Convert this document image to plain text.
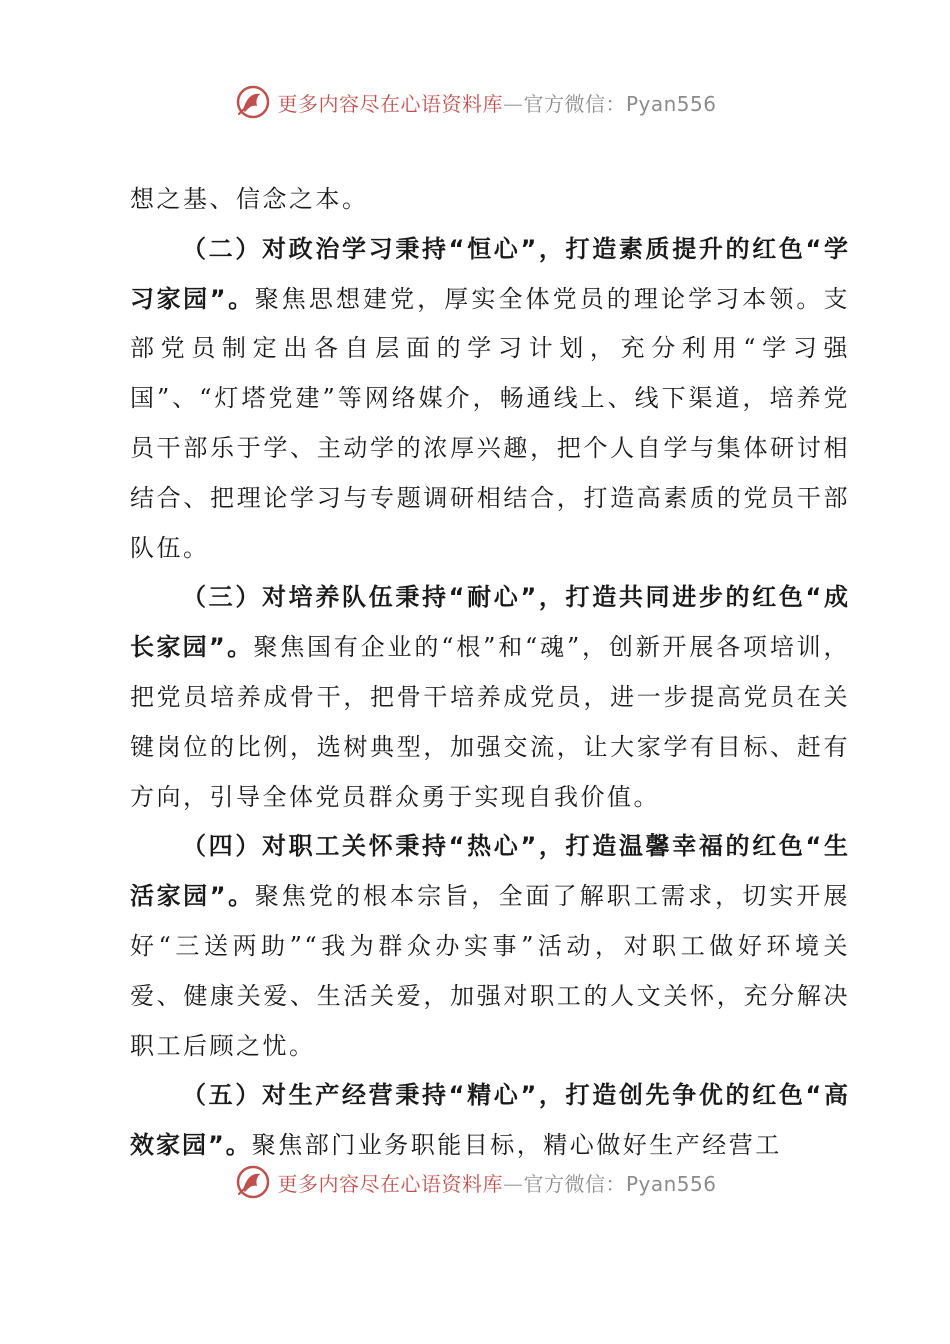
更多内容尽在心语资料库—官方微信：Pyan556

想之基、信念之本。

（二）对政治学习秉持“恒心”，打造素质提升的红色“学习家园”。聚焦思想建党，厚实全体党员的理论学习本领。支部党员制定出各自层面的学习计划，充分利用“学习强国”、“灯塔党建”等网络媒介，畅通线上、线下渠道，培养党员干部乐于学、主动学的浓厚兴趣，把个人自学与集体研讨相结合、把理论学习与专题调研相结合，打造高素质的党员干部队伍。

（三）对培养队伍秉持“耐心”，打造共同进步的红色“成长家园”。聚焦国有企业的“根”和“魂”，创新开展各项培训，把党员培养成骨干，把骨干培养成党员，进一步提高党员在关键岗位的比例，选树典型，加强交流，让大家学有目标、赶有方向，引导全体党员群众勇于实现自我价值。

（四）对职工关怀秉持“热心”，打造温馨幸福的红色“生活家园”。聚焦党的根本宗旨，全面了解职工需求，切实开展好“三送两助”“我为群众办实事”活动，对职工做好环境关爱、健康关爱、生活关爱，加强对职工的人文关怀，充分解决职工后顾之忧。

（五）对生产经营秉持“精心”，打造创先争优的红色“高效家园”。聚焦部门业务职能目标，精心做好生产经营工

更多内容尽在心语资料库—官方微信：Pyan556
